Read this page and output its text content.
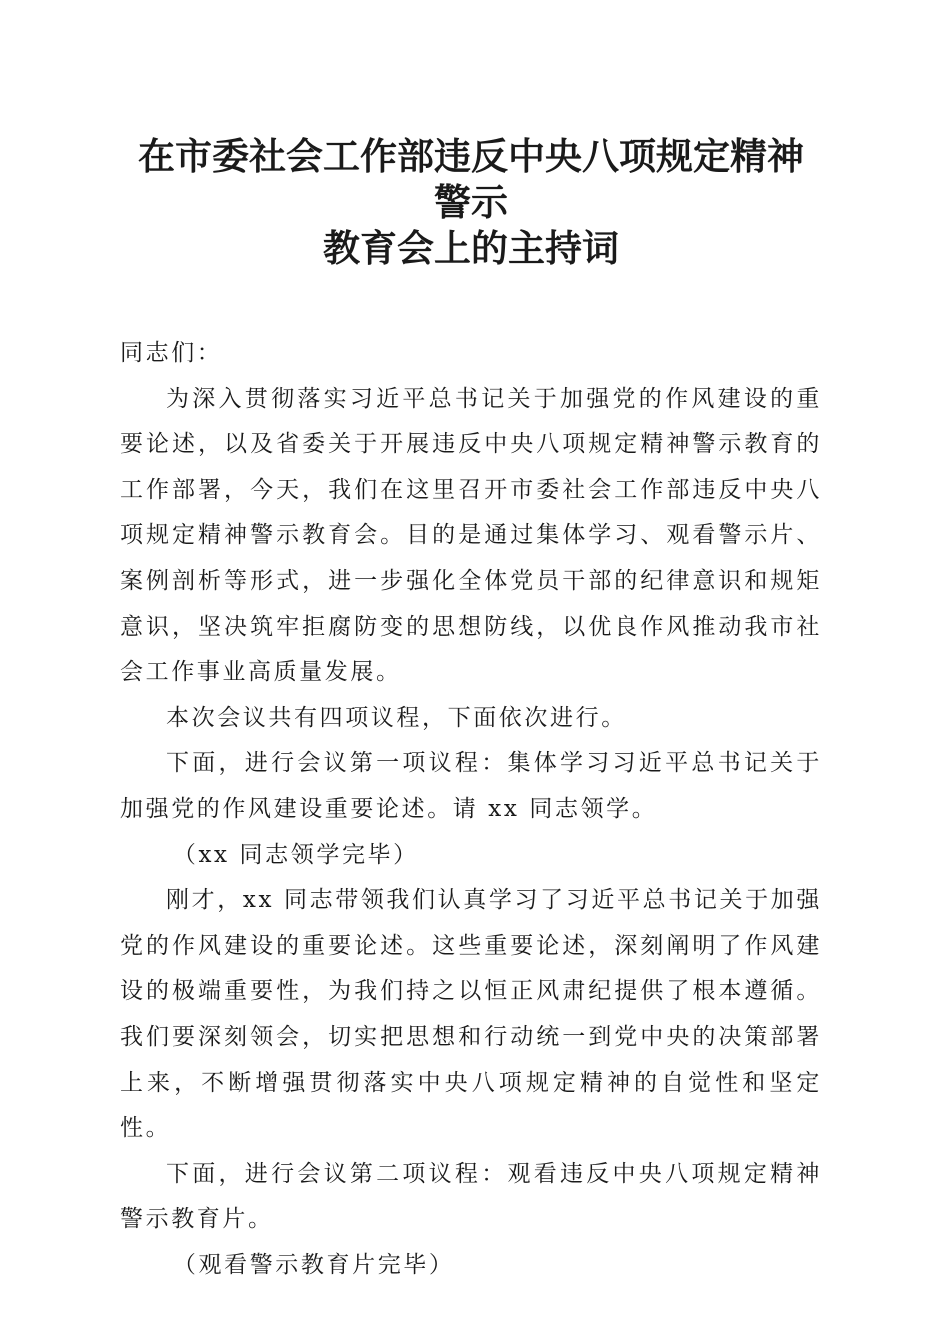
在市委社会工作部违反中央八项规定精神警示
教育会上的主持词

同志们：

为深入贯彻落实习近平总书记关于加强党的作风建设的重要论述，以及省委关于开展违反中央八项规定精神警示教育的工作部署，今天，我们在这里召开市委社会工作部违反中央八项规定精神警示教育会。目的是通过集体学习、观看警示片、案例剖析等形式，进一步强化全体党员干部的纪律意识和规矩意识，坚决筑牢拒腐防变的思想防线，以优良作风推动我市社会工作事业高质量发展。

本次会议共有四项议程，下面依次进行。

下面，进行会议第一项议程：集体学习习近平总书记关于加强党的作风建设重要论述。请 xx 同志领学。

（xx 同志领学完毕）

刚才，xx 同志带领我们认真学习了习近平总书记关于加强党的作风建设的重要论述。这些重要论述，深刻阐明了作风建设的极端重要性，为我们持之以恒正风肃纪提供了根本遵循。我们要深刻领会，切实把思想和行动统一到党中央的决策部署上来，不断增强贯彻落实中央八项规定精神的自觉性和坚定性。

下面，进行会议第二项议程：观看违反中央八项规定精神警示教育片。

（观看警示教育片完毕）
